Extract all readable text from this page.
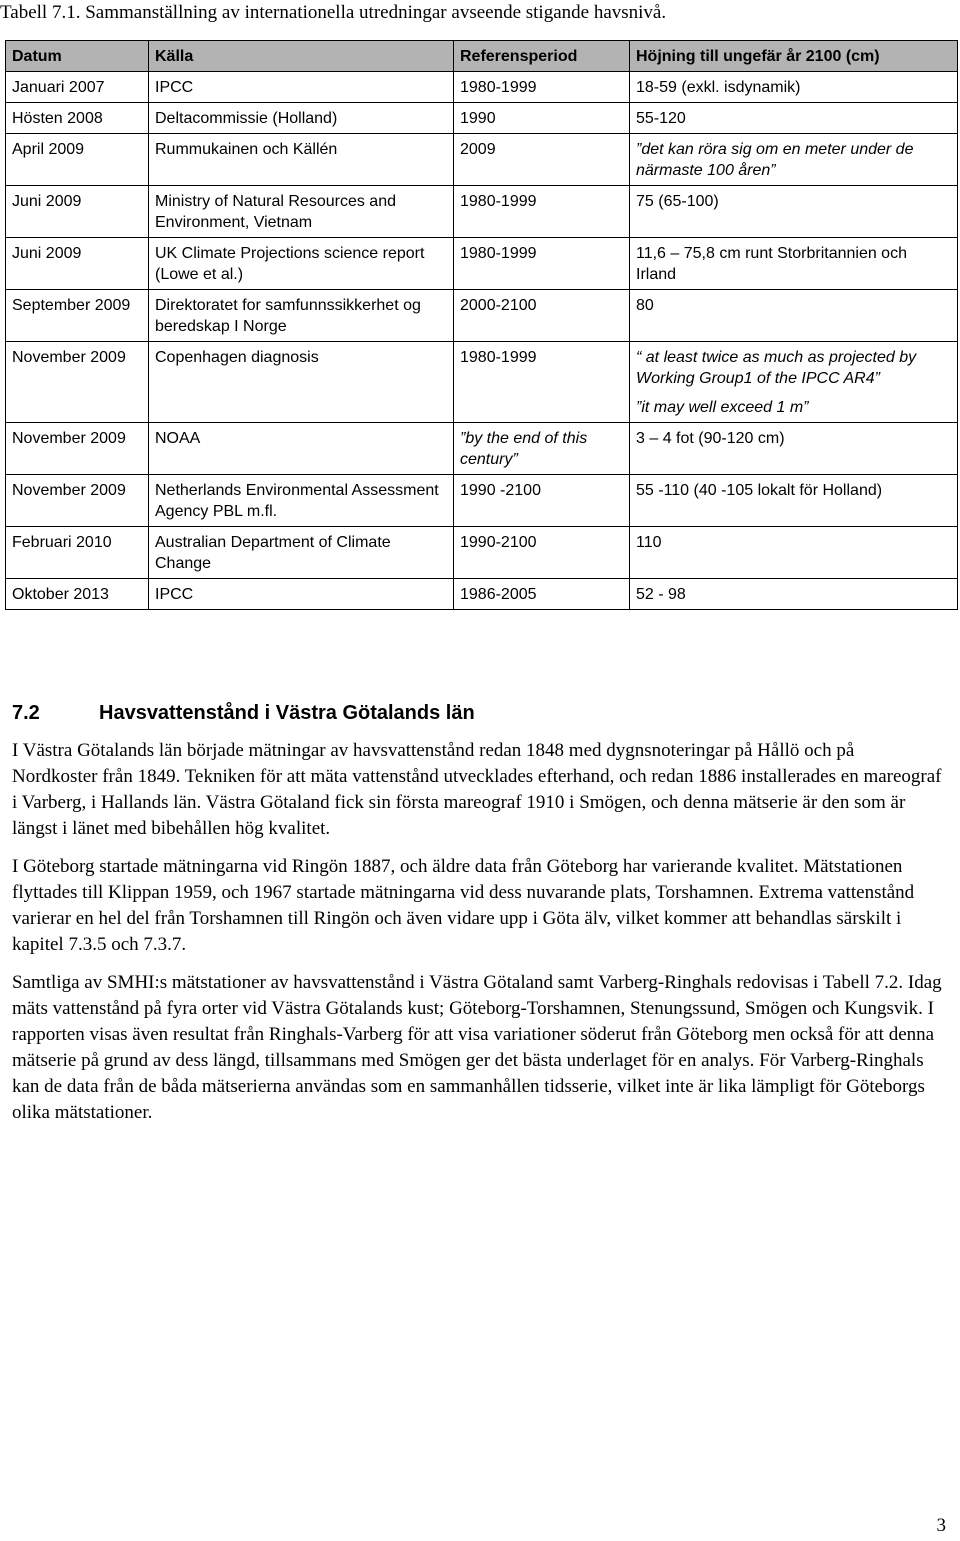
Tabell 7.1. Sammanställning av internationella utredningar avseende stigande havsnivå.
Datum	Källa	Referensperiod	Höjning till ungefär år 2100 (cm)
Januari 2007	IPCC	1980-1999	18-59 (exkl. isdynamik)
Hösten 2008	Deltacommissie (Holland)	1990	55-120
April 2009	Rummukainen och Källén	2009	”det kan röra sig om en meter under de närmaste 100 åren”
Juni 2009	Ministry of Natural Resources and Environment, Vietnam	1980-1999	75 (65-100)
Juni 2009	UK Climate Projections science report (Lowe et al.)	1980-1999	11,6 – 75,8 cm runt Storbritannien och Irland
September 2009	Direktoratet for samfunnssikkerhet og beredskap I Norge	2000-2100	80
November 2009	Copenhagen diagnosis	1980-1999	“ at least twice as much as projected by Working Group1 of the IPCC AR4”
”it may well exceed 1 m”

November 2009	NOAA	”by the end of this century”	3 – 4 fot (90-120 cm)
November 2009	Netherlands Environmental Assessment Agency PBL m.fl.	1990 -2100	55 -110 (40 -105 lokalt för Holland)
Februari 2010	Australian Department of Climate Change	1990-2100	110
Oktober 2013	IPCC	1986-2005	52 - 98
7.2	Havsvattenstånd i Västra Götalands län

I Västra Götalands län började mätningar av havsvattenstånd redan 1848 med dygnsnoteringar på Hållö och på Nordkoster från 1849. Tekniken för att mäta vattenstånd utvecklades efterhand, och redan 1886 installerades en mareograf i Varberg, i Hallands län. Västra Götaland fick sin första mareograf 1910 i Smögen, och denna mätserie är den som är längst i länet med bibehållen hög kvalitet.

I Göteborg startade mätningarna vid Ringön 1887, och äldre data från Göteborg har varierande kvalitet. Mätstationen flyttades till Klippan 1959, och 1967 startade mätningarna vid dess nuvarande plats, Torshamnen. Extrema vattenstånd varierar en hel del från Torshamnen till Ringön och även vidare upp i Göta älv, vilket kommer att behandlas särskilt i kapitel 7.3.5 och 7.3.7.

Samtliga av SMHI:s mätstationer av havsvattenstånd i Västra Götaland samt Varberg-Ringhals redovisas i Tabell 7.2. Idag mäts vattenstånd på fyra orter vid Västra Götalands kust; Göteborg-Torshamnen, Stenungssund, Smögen och Kungsvik. I rapporten visas även resultat från Ringhals-Varberg för att visa variationer söderut från Göteborg men också för att denna mätserie på grund av dess längd, tillsammans med Smögen ger det bästa underlaget för en analys. För Varberg-Ringhals kan de data från de båda mätserierna användas som en sammanhållen tidsserie, vilket inte är lika lämpligt för Göteborgs olika mätstationer.

3
